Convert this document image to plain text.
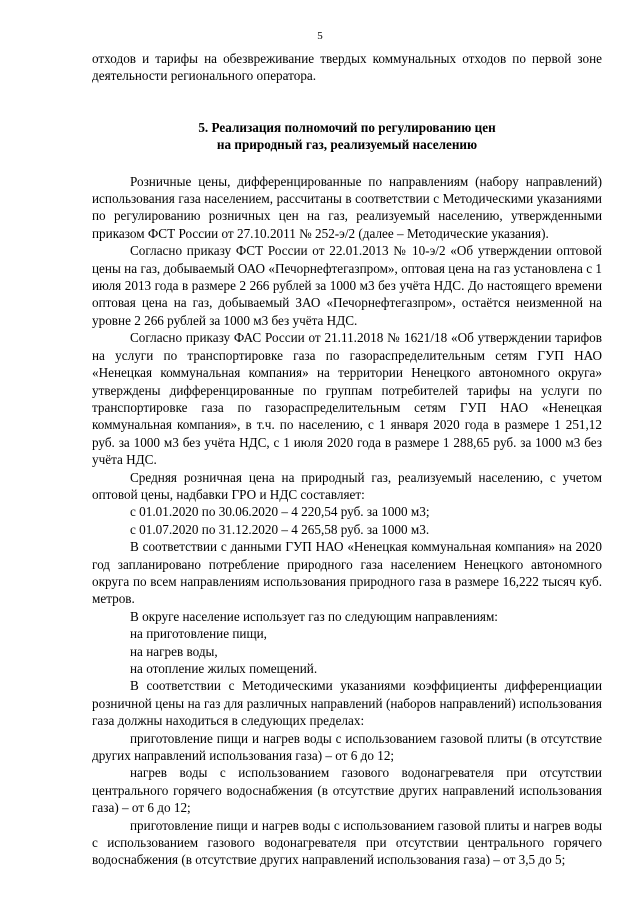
5

отходов и тарифы на обезвреживание твердых коммунальных отходов по первой зоне деятельности регионального оператора.

5. Реализация полномочий по регулированию цен
на природный газ, реализуемый населению

Розничные цены, дифференцированные по направлениям (набору направлений) использования газа населением, рассчитаны в соответствии с Методическими указаниями по регулированию розничных цен на газ, реализуемый населению, утвержденными приказом ФСТ России от 27.10.2011 № 252-э/2 (далее – Методические указания).

Согласно приказу ФСТ России от 22.01.2013 № 10-э/2 «Об утверждении оптовой цены на газ, добываемый ОАО «Печорнефтегазпром», оптовая цена на газ установлена с 1 июля 2013 года в размере 2 266 рублей за 1000 м3 без учёта НДС. До настоящего времени оптовая цена на газ, добываемый ЗАО «Печорнефтегазпром», остаётся неизменной на уровне 2 266 рублей за 1000 м3 без учёта НДС.

Согласно приказу ФАС России от 21.11.2018 № 1621/18 «Об утверждении тарифов на услуги по транспортировке газа по газораспределительным сетям ГУП НАО «Ненецкая коммунальная компания» на территории Ненецкого автономного округа» утверждены дифференцированные по группам потребителей тарифы на услуги по транспортировке газа по газораспределительным сетям ГУП НАО «Ненецкая коммунальная компания», в т.ч. по населению, с 1 января 2020 года в размере 1 251,12 руб. за 1000 м3 без учёта НДС, с 1 июля 2020 года в размере 1 288,65 руб. за 1000 м3 без учёта НДС.

Средняя розничная цена на природный газ, реализуемый населению, с учетом оптовой цены, надбавки ГРО и НДС составляет:

с 01.01.2020 по 30.06.2020 – 4 220,54 руб. за 1000 м3;

с 01.07.2020 по 31.12.2020 – 4 265,58 руб. за 1000 м3.

В соответствии с данными ГУП НАО «Ненецкая коммунальная компания» на 2020 год запланировано потребление природного газа населением Ненецкого автономного округа по всем направлениям использования природного газа в размере 16,222 тысяч куб. метров.

В округе население использует газ по следующим направлениям:

на приготовление пищи,

на нагрев воды,

на отопление жилых помещений.

В соответствии с Методическими указаниями коэффициенты дифференциации розничной цены на газ для различных направлений (наборов направлений) использования газа должны находиться в следующих пределах:

приготовление пищи и нагрев воды с использованием газовой плиты (в отсутствие других направлений использования газа) – от 6 до 12;

нагрев воды с использованием газового водонагревателя при отсутствии центрального горячего водоснабжения (в отсутствие других направлений использования газа) – от 6 до 12;

приготовление пищи и нагрев воды с использованием газовой плиты и нагрев воды с использованием газового водонагревателя при отсутствии центрального горячего водоснабжения (в отсутствие других направлений использования газа) – от 3,5 до 5;
